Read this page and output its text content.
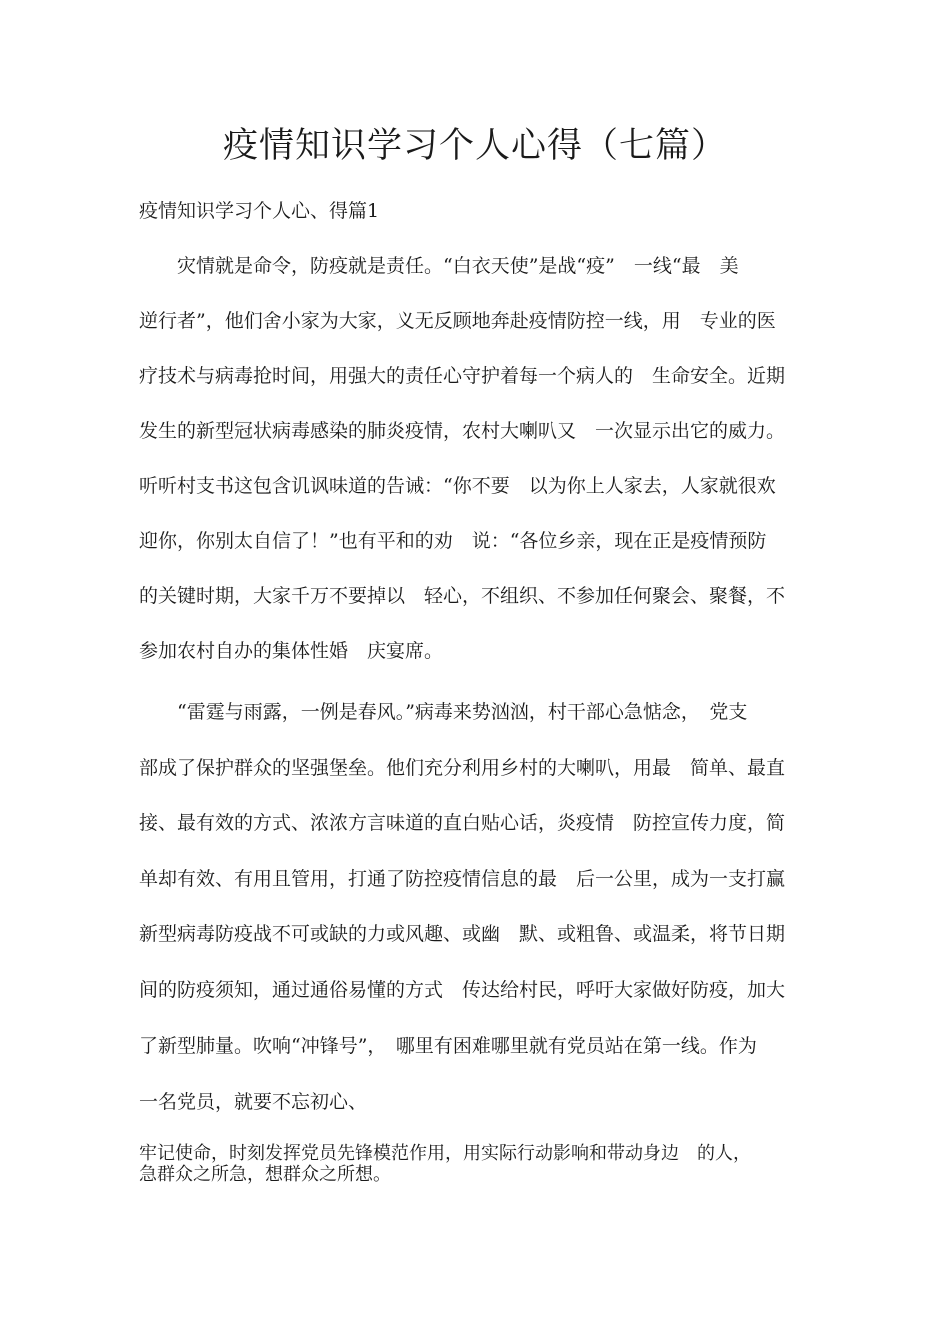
疫情知识学习个人心得（七篇）

疫情知识学习个人心、得篇1

　　灾情就是命令，防疫就是责任。“白衣天使”是战“疫”　一线“最　美

逆行者”，他们舍小家为大家，义无反顾地奔赴疫情防控一线，用　专业的医

疗技术与病毒抢时间，用强大的责任心守护着每一个病人的　生命安全。近期

发生的新型冠状病毒感染的肺炎疫情，农村大喇叭又　一次显示出它的威力。

听听村支书这包含讥讽味道的告诫：“你不要　以为你上人家去，人家就很欢

迎你，你别太自信了！”也有平和的劝　说：“各位乡亲，现在正是疫情预防

的关键时期，大家千万不要掉以　轻心，不组织、不参加任何聚会、聚餐，不

参加农村自办的集体性婚　庆宴席。

　　“雷霆与雨露，一例是春风。”病毒来势汹汹，村干部心急惦念，　党支

部成了保护群众的坚强堡垒。他们充分利用乡村的大喇叭，用最　简单、最直

接、最有效的方式、浓浓方言味道的直白贴心话，炎疫情　防控宣传力度，简

单却有效、有用且管用，打通了防控疫情信息的最　后一公里，成为一支打赢

新型病毒防疫战不可或缺的力或风趣、或幽　默、或粗鲁、或温柔，将节日期

间的防疫须知，通过通俗易懂的方式　传达给村民，呼吁大家做好防疫，加大

了新型肺量。吹响“冲锋号”，　哪里有困难哪里就有党员站在第一线。作为

一名党员，就要不忘初心、

牢记使命，时刻发挥党员先锋模范作用，用实际行动影响和带动身边　的人，

急群众之所急，想群众之所想。
